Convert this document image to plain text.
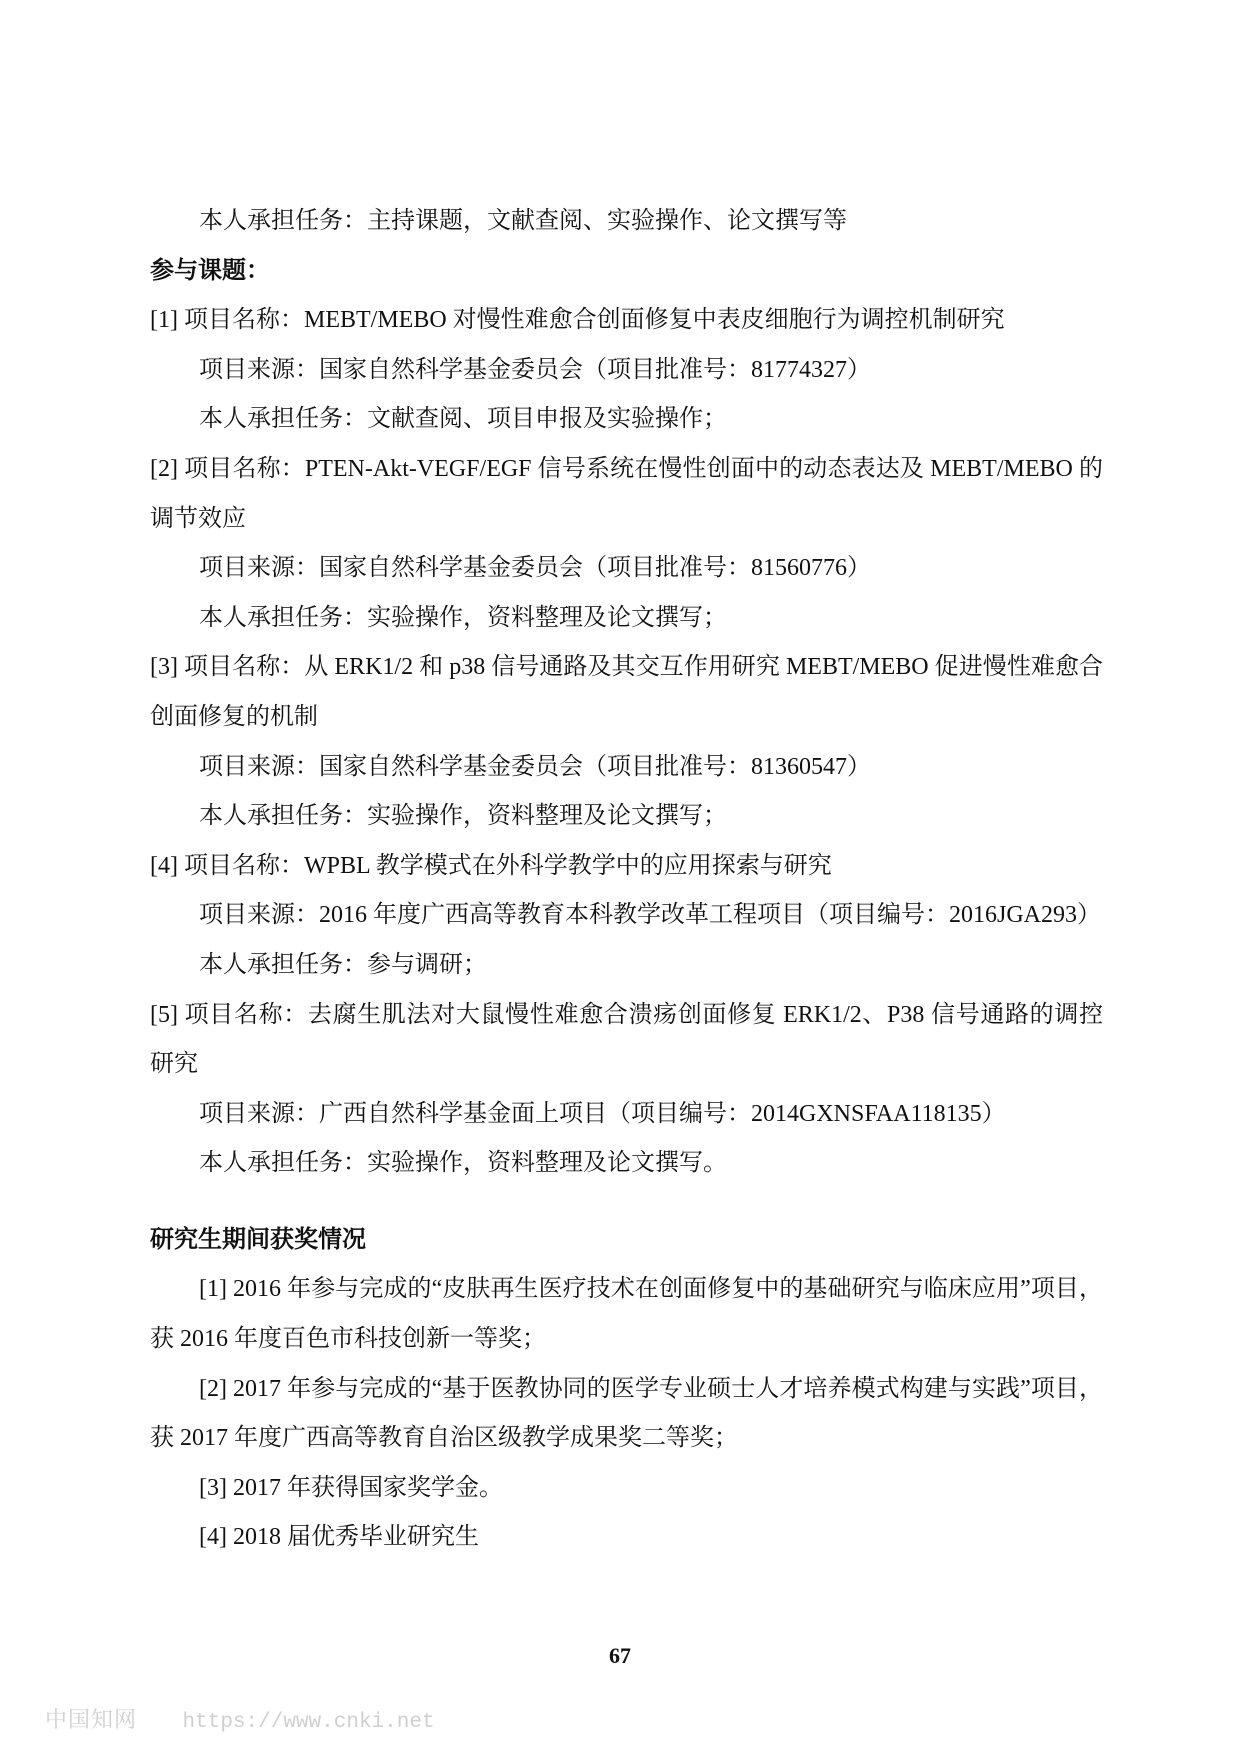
本人承担任务：主持课题，文献查阅、实验操作、论文撰写等

参与课题：

[1] 项目名称：MEBT/MEBO 对慢性难愈合创面修复中表皮细胞行为调控机制研究

项目来源：国家自然科学基金委员会（项目批准号：81774327）

本人承担任务：文献查阅、项目申报及实验操作；

[2] 项目名称：PTEN-Akt-VEGF/EGF 信号系统在慢性创面中的动态表达及 MEBT/MEBO 的调节效应

项目来源：国家自然科学基金委员会（项目批准号：81560776）

本人承担任务：实验操作，资料整理及论文撰写；

[3] 项目名称：从 ERK1/2 和 p38 信号通路及其交互作用研究 MEBT/MEBO 促进慢性难愈合创面修复的机制

项目来源：国家自然科学基金委员会（项目批准号：81360547）

本人承担任务：实验操作，资料整理及论文撰写；

[4] 项目名称：WPBL 教学模式在外科学教学中的应用探索与研究

项目来源：2016 年度广西高等教育本科教学改革工程项目（项目编号：2016JGA293）

本人承担任务：参与调研；

[5] 项目名称：去腐生肌法对大鼠慢性难愈合溃疡创面修复 ERK1/2、P38 信号通路的调控研究

项目来源：广西自然科学基金面上项目（项目编号：2014GXNSFAA118135）

本人承担任务：实验操作，资料整理及论文撰写。

研究生期间获奖情况

[1] 2016 年参与完成的“皮肤再生医疗技术在创面修复中的基础研究与临床应用”项目，获 2016 年度百色市科技创新一等奖；

[2] 2017 年参与完成的“基于医教协同的医学专业硕士人才培养模式构建与实践”项目，获 2017 年度广西高等教育自治区级教学成果奖二等奖；

[3] 2017 年获得国家奖学金。

[4] 2018 届优秀毕业研究生

67
中国知网 https://www.cnki.net
